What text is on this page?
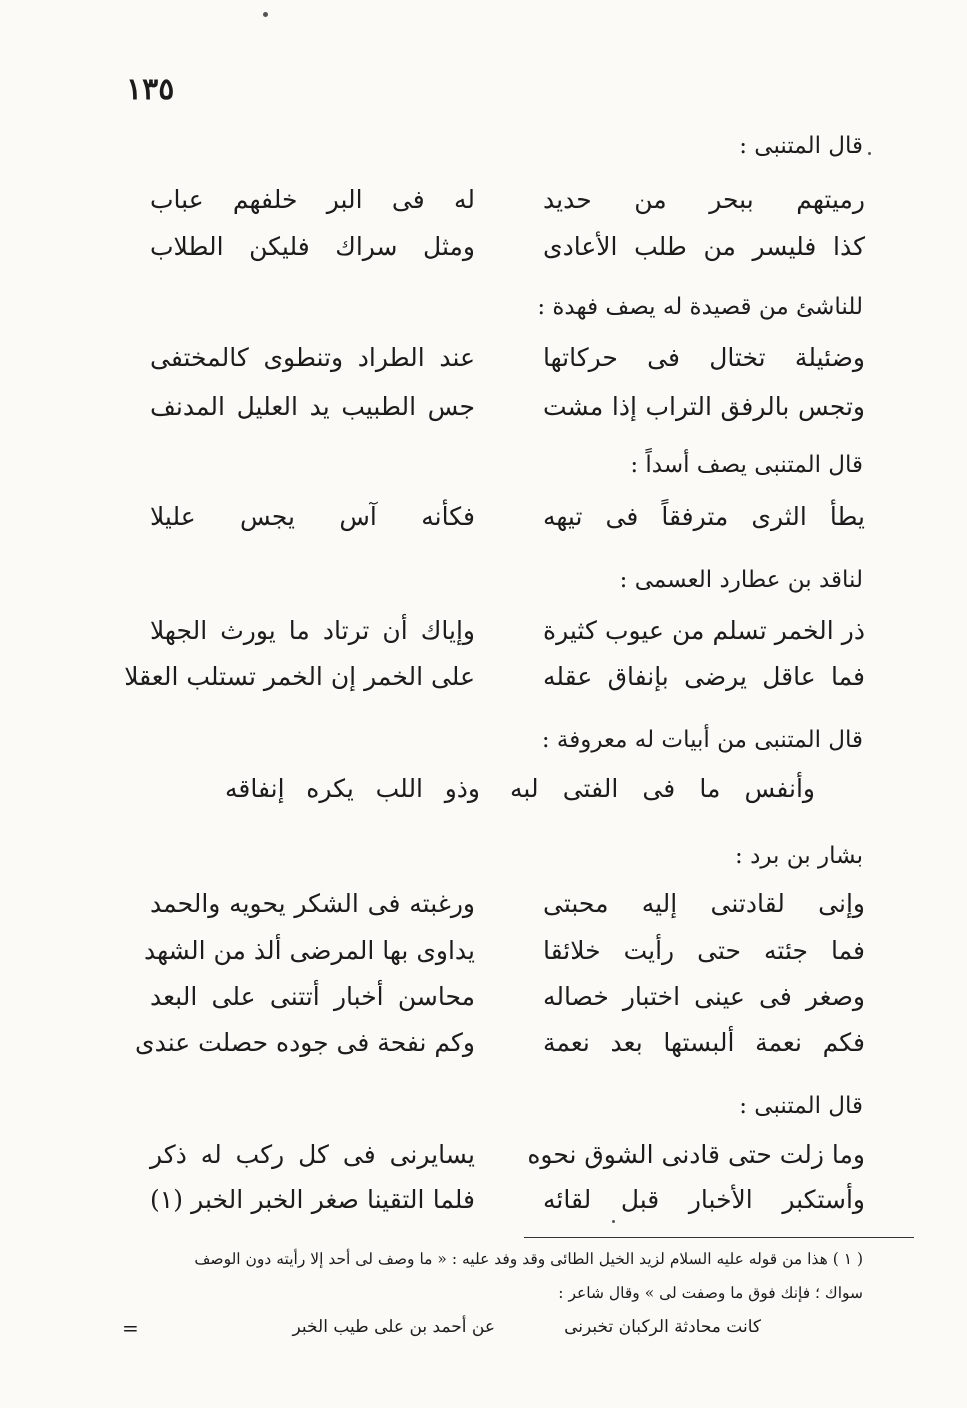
١٣٥
قال المتنبى :
رميتهم ببحر من حديد
له فى البر خلفهم عباب
كذا فليسر من طلب الأعادى
ومثل سراك فليكن الطلاب
للناشئ من قصيدة له يصف فهدة :
وضئيلة تختال فى حركاتها
عند الطراد وتنطوى كالمختفى
وتجس بالرفق التراب إذا مشت
جس الطبيب يد العليل المدنف
قال المتنبى يصف أسداً :
يطأ الثرى مترفقاً فى تيهه
فكأنه آس يجس عليلا
لناقد بن عطارد العسمى :
ذر الخمر تسلم من عيوب كثيرة
وإياك أن ترتاد ما يورث الجهلا
فما عاقل يرضى بإنفاق عقله
على الخمر إن الخمر تستلب العقلا
قال المتنبى من أبيات له معروفة :
وأنفس ما فى الفتى لبه
وذو اللب يكره إنفاقه
بشار بن برد :
وإنى لقادتنى إليه محبتى
ورغبته فى الشكر يحويه والحمد
فما جئته حتى رأيت خلائقا
يداوى بها المرضى ألذ من الشهد
وصغر فى عينى اختبار خصاله
محاسن أخبار أتتنى على البعد
فكم نعمة ألبستها بعد نعمة
وكم نفحة فى جوده حصلت عندى
قال المتنبى :
وما زلت حتى قادنى الشوق نحوه
يسايرنى فى كل ركب له ذكر
وأستكبر الأخبار قبل لقائه
فلما التقينا صغر الخبر الخبر (١)
( ١ ) هذا من قوله عليه السلام لزيد الخيل الطائى وقد وفد عليه : « ما وصف لى أحد إلا رأيته دون الوصف
سواك ؛ فإنك فوق ما وصفت لى » وقال شاعر :
كانت محادثة الركبان تخبرنى
عن أحمد بن على طيب الخبر
=
